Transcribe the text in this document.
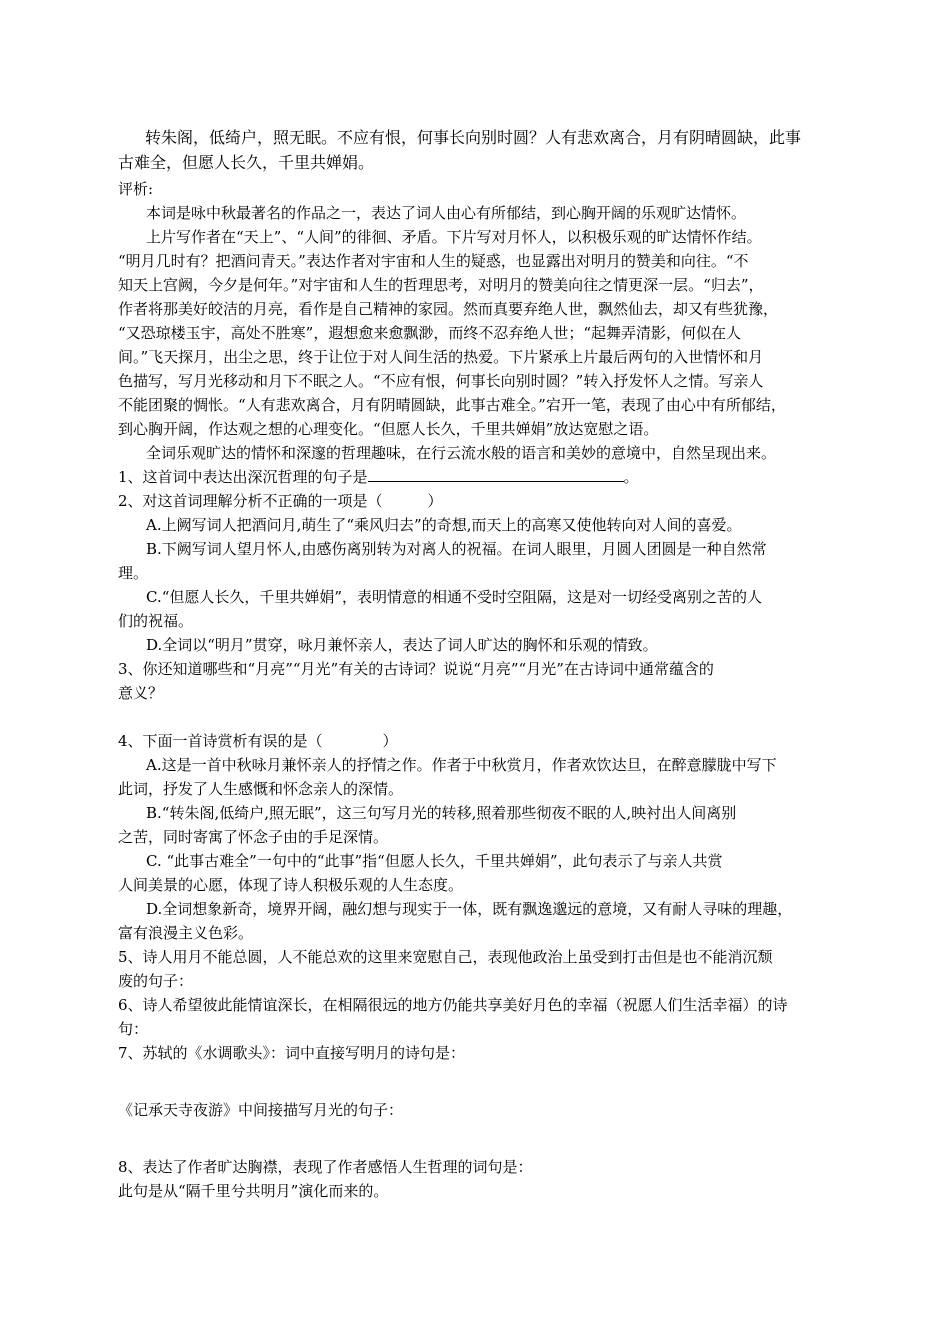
转朱阁，低绮户，照无眠。不应有恨，何事长向别时圆？人有悲欢离合，月有阴晴圆缺，此事
古难全，但愿人长久，千里共婵娟。
评析:
本词是咏中秋最著名的作品之一，表达了词人由心有所郁结，到心胸开阔的乐观旷达情怀。
上片写作者在“天上”、“人间”的徘徊、矛盾。下片写对月怀人，以积极乐观的旷达情怀作结。
“明月几时有？把酒问青天。”表达作者对宇宙和人生的疑惑，也显露出对明月的赞美和向往。“不
知天上宫阙，今夕是何年。”对宇宙和人生的哲理思考，对明月的赞美向往之情更深一层。“归去”，
作者将那美好皎洁的月亮，看作是自己精神的家园。然而真要弃绝人世，飘然仙去，却又有些犹豫，
“又恐琼楼玉宇，高处不胜寒”，遐想愈来愈飘渺，而终不忍弃绝人世；“起舞弄清影，何似在人
间。”飞天探月，出尘之思，终于让位于对人间生活的热爱。下片紧承上片最后两句的入世情怀和月
色描写，写月光移动和月下不眠之人。“不应有恨，何事长向别时圆？”转入抒发怀人之情。写亲人
不能团聚的惆怅。“人有悲欢离合，月有阴晴圆缺，此事古难全。”宕开一笔，表现了由心中有所郁结，
到心胸开阔，作达观之想的心理变化。“但愿人长久，千里共婵娟”放达宽慰之语。
全词乐观旷达的情怀和深邃的哲理趣味，在行云流水般的语言和美妙的意境中，自然呈现出来。
1、这首词中表达出深沉哲理的句子是	。
2、对这首词理解分析不正确的一项是（　　　）
A.上阙写词人把酒问月,萌生了“乘风归去”的奇想,而天上的高寒又使他转向对人间的喜爱。
B.下阙写词人望月怀人,由感伤离别转为对离人的祝福。在词人眼里，月圆人团圆是一种自然常
理。
C.“但愿人长久，千里共婵娟”，表明情意的相通不受时空阻隔，这是对一切经受离别之苦的人
们的祝福。
D.全词以“明月”贯穿，咏月兼怀亲人，表达了词人旷达的胸怀和乐观的情致。
3、你还知道哪些和“月亮”“月光”有关的古诗词？说说“月亮”“月光”在古诗词中通常蕴含的
意义？
4、下面一首诗赏析有误的是（　　　　）
A.这是一首中秋咏月兼怀亲人的抒情之作。作者于中秋赏月，作者欢饮达旦，在醉意朦胧中写下
此词，抒发了人生感慨和怀念亲人的深情。
B.“转朱阁,低绮户,照无眠”，这三句写月光的转移,照着那些彻夜不眠的人,映衬出人间离别
之苦，同时寄寓了怀念子由的手足深情。
C. “此事古难全”一句中的“此事”指“但愿人长久，千里共婵娟”，此句表示了与亲人共赏
人间美景的心愿，体现了诗人积极乐观的人生态度。
D.全词想象新奇，境界开阔，融幻想与现实于一体，既有飘逸邈远的意境，又有耐人寻味的理趣，
富有浪漫主义色彩。
5、诗人用月不能总圆，人不能总欢的这里来宽慰自己，表现他政治上虽受到打击但是也不能消沉颓
废的句子：
6、诗人希望彼此能情谊深长，在相隔很远的地方仍能共享美好月色的幸福（祝愿人们生活幸福）的诗
句：
7、苏轼的《水调歌头》：词中直接写明月的诗句是：
《记承天寺夜游》中间接描写月光的句子：
8、表达了作者旷达胸襟，表现了作者感悟人生哲理的词句是：
此句是从“隔千里兮共明月”演化而来的。
